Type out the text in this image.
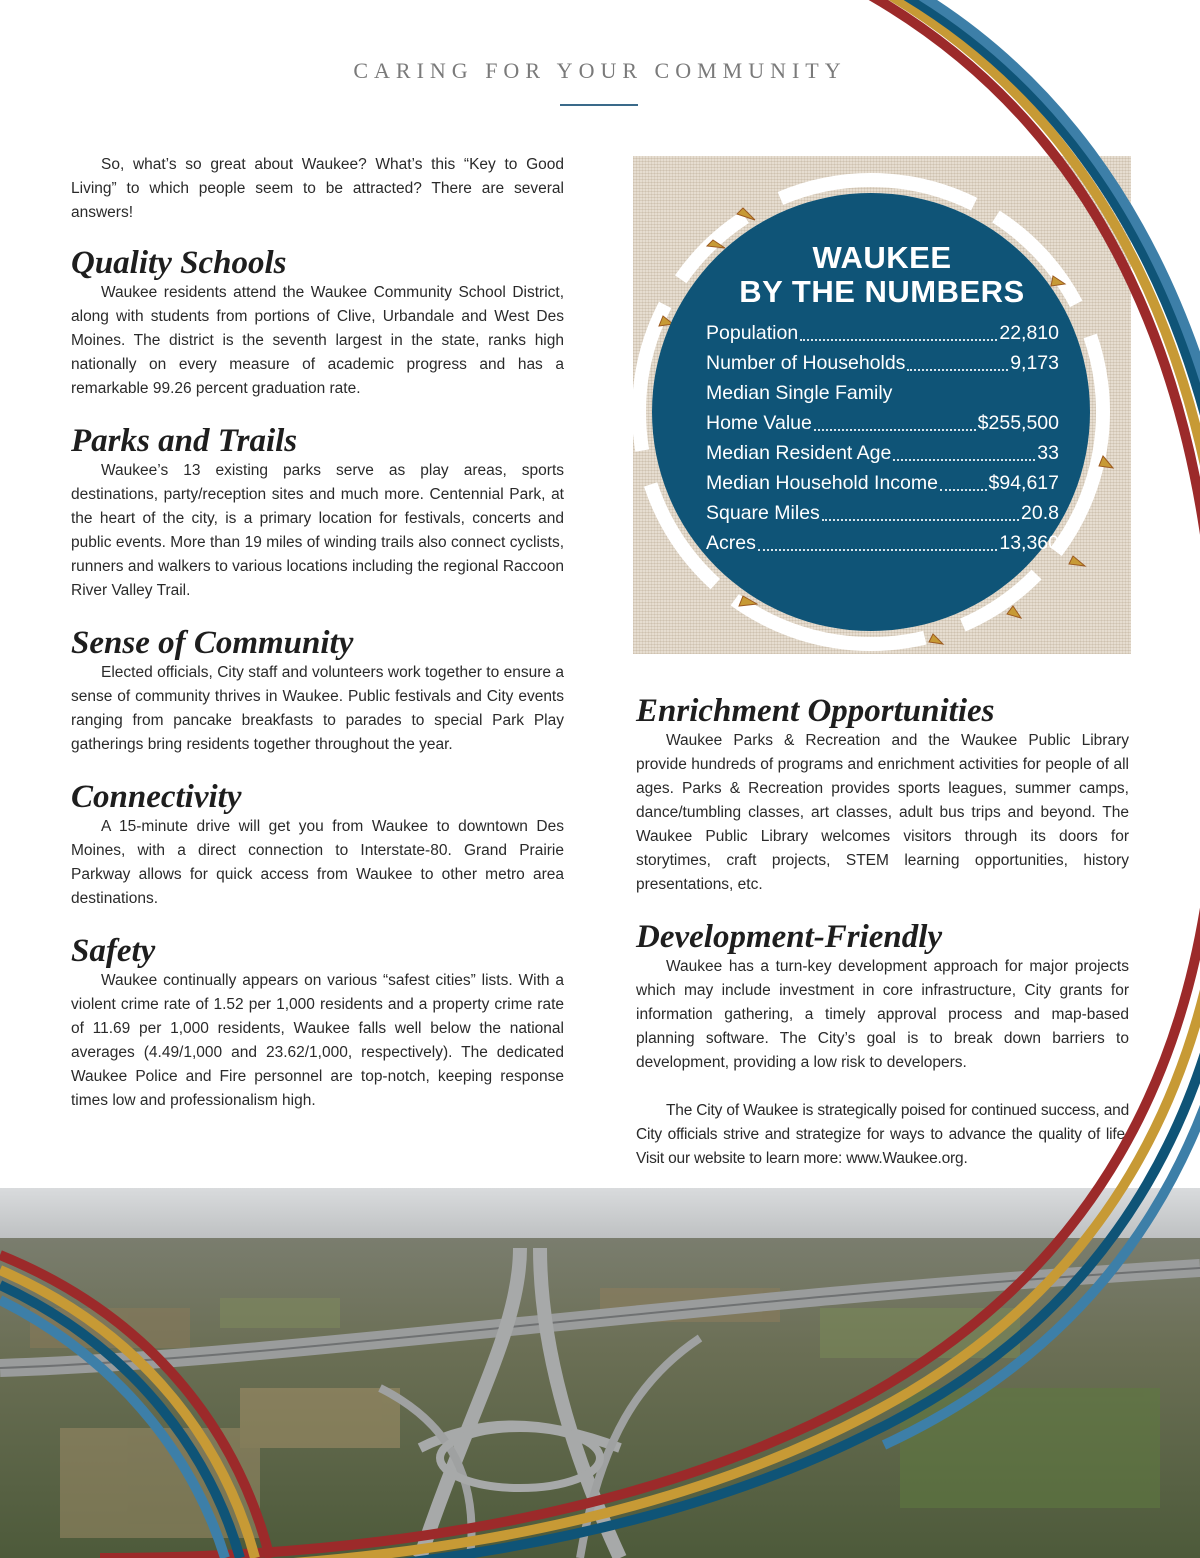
CARING FOR YOUR COMMUNITY

So, what’s so great about Waukee? What’s this “Key to Good Living” to which people seem to be attracted? There are several answers!

Quality Schools

Waukee residents attend the Waukee Community School District, along with students from portions of Clive, Urbandale and West Des Moines. The district is the seventh largest in the state, ranks high nationally on every measure of academic progress and has a remarkable 99.26 percent graduation rate.

Parks and Trails

Waukee’s 13 existing parks serve as play areas, sports destinations, party/reception sites and much more. Centennial Park, at the heart of the city, is a primary location for festivals, concerts and public events. More than 19 miles of winding trails also connect cyclists, runners and walkers to various locations including the regional Raccoon River Valley Trail.

Sense of Community

Elected officials, City staff and volunteers work together to ensure a sense of community thrives in Waukee. Public festivals and City events ranging from pancake breakfasts to parades to special Park Play gatherings bring residents together throughout the year.

Connectivity

A 15-minute drive will get you from Waukee to downtown Des Moines, with a direct connection to Interstate-80. Grand Prairie Parkway allows for quick access from Waukee to other metro area destinations.

Safety

Waukee continually appears on various “safest cities” lists. With a violent crime rate of 1.52 per 1,000 residents and a property crime rate of 11.69 per 1,000 residents, Waukee falls well below the national averages (4.49/1,000 and 23.62/1,000, respectively). The dedicated Waukee Police and Fire personnel are top-notch, keeping response times low and professionalism high.

WAUKEE
BY THE NUMBERS
Population	22,810
Number of Households	9,173
Median Single Family
Home Value	$255,500
Median Resident Age	33
Median Household Income	$94,617
Square Miles	20.8
Acres	13,360
Enrichment Opportunities

Waukee Parks & Recreation and the Waukee Public Library provide hundreds of programs and enrichment activities for people of all ages. Parks & Recreation provides sports leagues, summer camps, dance/tumbling classes, art classes, adult bus trips and beyond. The Waukee Public Library welcomes visitors through its doors for storytimes, craft projects, STEM learning opportunities, history presentations, etc.

Development-Friendly

Waukee has a turn-key development approach for major projects which may include investment in core infrastructure, City grants for information gathering, a timely approval process and map-based planning software. The City’s goal is to break down barriers to development, providing a low risk to developers.

The City of Waukee is strategically poised for continued success, and City officials strive and strategize for ways to advance the quality of life. Visit our website to learn more: www.Waukee.org.
